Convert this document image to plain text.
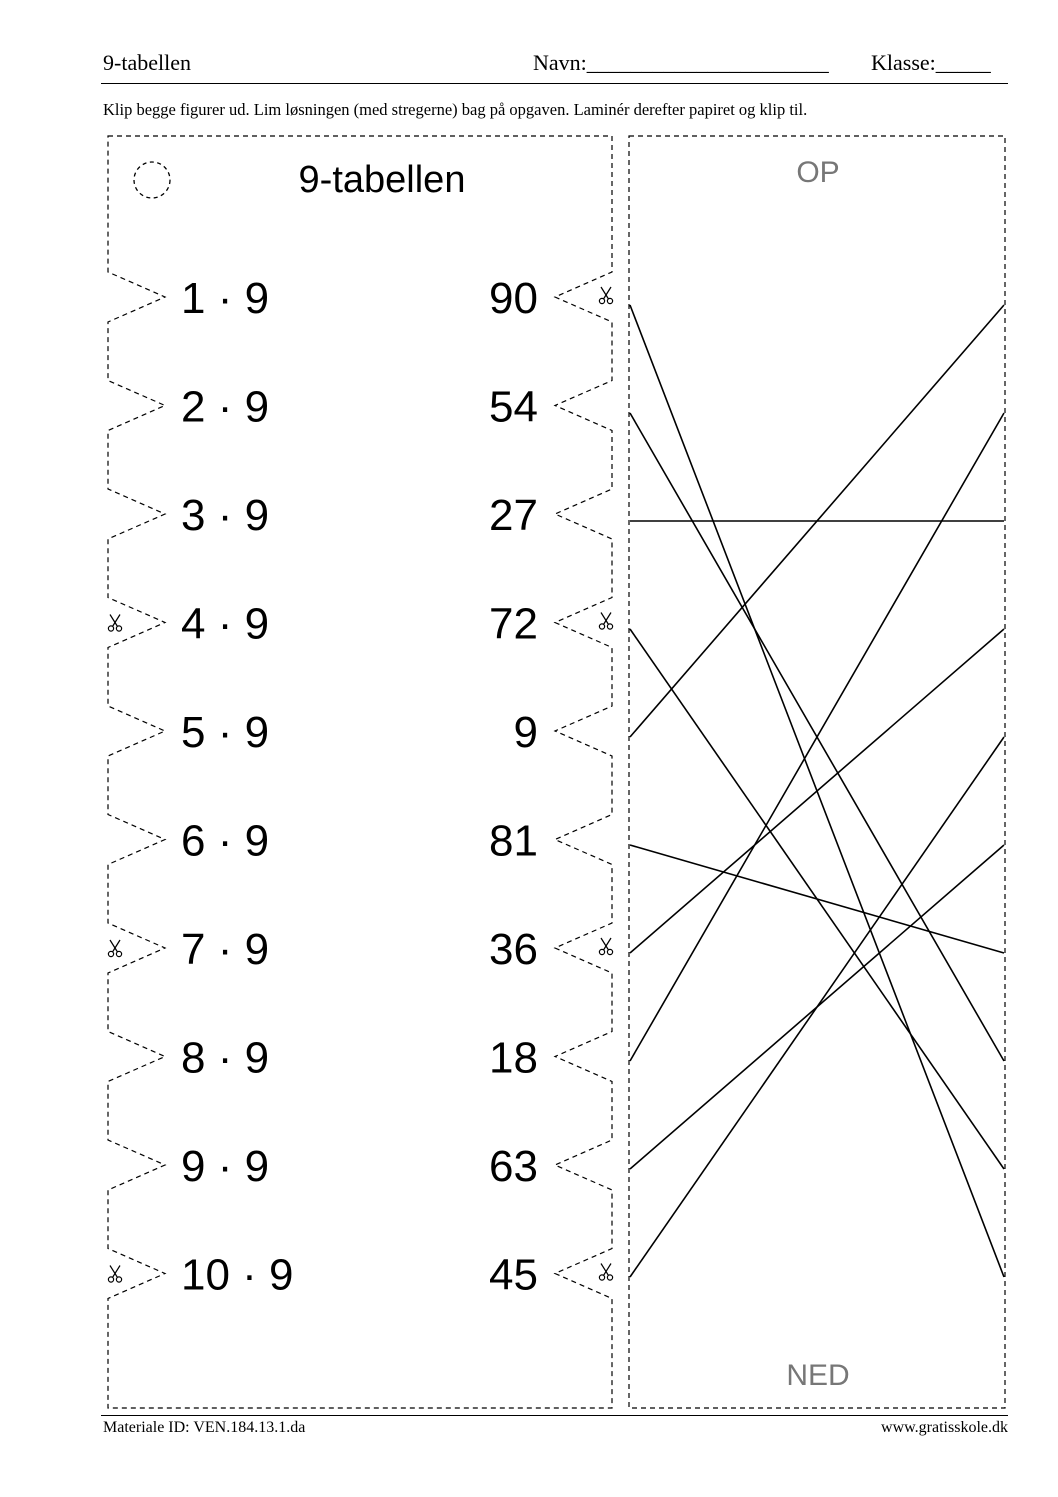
9-tabellen	Navn:______________________ Klasse:_____
Klip begge figurer ud. Lim løsningen (med stregerne) bag på opgaven. Laminér derefter papiret og klip til.
9-tabellen
1 · 9	90
2 · 9	54
3 · 9	27
4 · 9	72
5 · 9	9
6 · 9	81
7 · 9	36
8 · 9	18
9 · 9	63
10 · 9	45
OP
NED
Materiale ID: VEN.184.13.1.da	www.gratisskole.dk
